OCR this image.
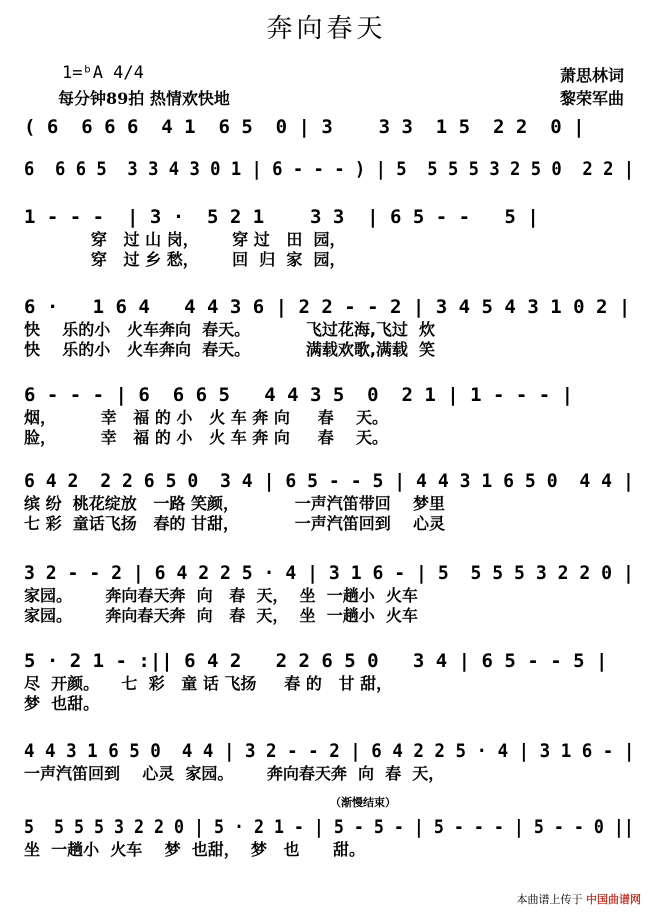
奔向春天
1=ᵇA 4/4
每分钟89拍 热情欢快地
萧思林词
黎荣军曲
( 6  6 6 6  4 1  6 5  0 | 3    3 3  1 5  2 2  0 |
6  6 6 5  3 3 4 3 0 1 | 6 - - - ) | 5  5 5 5 3 2 5 0  2 2 |
1 - - -  | 3 ·  5 2 1    3 3  | 6 5 - -   5 |
穿   过 山 岗，      穿 过   田  园，
穿   过 乡 愁，      回  归  家  园，
6 ·   1 6 4   4 4 3 6 | 2 2 - - 2 | 3 4 5 4 3 1 0 2 |
快    乐的小   火车奔向  春天。          飞过花海,飞过  炊
快    乐的小   火车奔向  春天。          满载欢歌,满载  笑
6 - - - | 6  6 6 5   4 4 3 5  0  2 1 | 1 - - - |
烟，        幸   福 的 小   火 车 奔 向     春    天。
脸，        幸   福 的 小   火 车 奔 向     春    天。
6 4 2  2 2 6 5 0  3 4 | 6 5 - - 5 | 4 4 3 1 6 5 0  4 4 |
缤 纷  桃花绽放   一路 笑颜，          一声汽笛带回    梦里
七 彩  童话飞扬   春的 甘甜，          一声汽笛回到    心灵
3 2 - - 2 | 6 4 2 2 5 · 4 | 3 1 6 - | 5  5 5 5 3 2 2 0 |
家园。      奔向春天奔  向   春  天，  坐  一趟小  火车
家园。      奔向春天奔  向   春  天，  坐  一趟小  火车
5 · 2 1 - :|| 6 4 2   2 2 6 5 0   3 4 | 6 5 - - 5 |
尽  开颜。    七  彩   童 话 飞扬     春 的   甘 甜，
梦  也甜。
4 4 3 1 6 5 0  4 4 | 3 2 - - 2 | 6 4 2 2 5 · 4 | 3 1 6 - |
一声汽笛回到    心灵  家园。      奔向春天奔  向  春  天，
（渐慢结束）
5  5 5 5 3 2 2 0 | 5 · 2 1 - | 5 - 5 - | 5 - - - | 5 - - 0 ||
坐  一趟小  火车    梦  也甜，  梦   也      甜。
本曲谱上传于 中国曲谱网
